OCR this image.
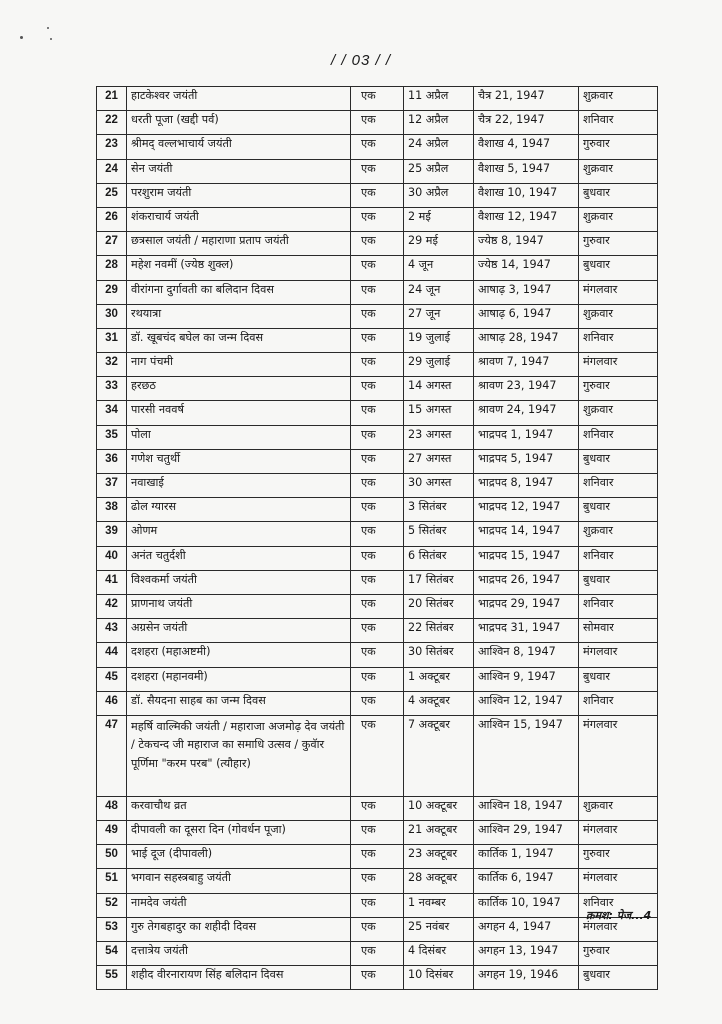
/ / 03 / /
21	हाटकेश्वर जयंती	एक	11 अप्रैल	चैत्र 21, 1947	शुक्रवार
22	धरती पूजा (खद्दी पर्व)	एक	12 अप्रैल	चैत्र 22, 1947	शनिवार
23	श्रीमद् वल्लभाचार्य जयंती	एक	24 अप्रैल	वैशाख 4, 1947	गुरुवार
24	सेन जयंती	एक	25 अप्रैल	वैशाख 5, 1947	शुक्रवार
25	परशुराम जयंती	एक	30 अप्रैल	वैशाख 10, 1947	बुधवार
26	शंकराचार्य जयंती	एक	2 मई	वैशाख 12, 1947	शुक्रवार
27	छत्रसाल जयंती / महाराणा प्रताप जयंती	एक	29 मई	ज्येष्ठ 8, 1947	गुरुवार
28	महेश नवमीं (ज्येष्ठ शुक्ल)	एक	4 जून	ज्येष्ठ 14, 1947	बुधवार
29	वीरांगना दुर्गावती का बलिदान दिवस	एक	24 जून	आषाढ़ 3, 1947	मंगलवार
30	रथयात्रा	एक	27 जून	आषाढ़ 6, 1947	शुक्रवार
31	डॉ. खूबचंद बघेल का जन्म दिवस	एक	19 जुलाई	आषाढ़ 28, 1947	शनिवार
32	नाग पंचमी	एक	29 जुलाई	श्रावण 7, 1947	मंगलवार
33	हरछठ	एक	14 अगस्त	श्रावण 23, 1947	गुरुवार
34	पारसी नववर्ष	एक	15 अगस्त	श्रावण 24, 1947	शुक्रवार
35	पोला	एक	23 अगस्त	भाद्रपद 1, 1947	शनिवार
36	गणेश चतुर्थी	एक	27 अगस्त	भाद्रपद 5, 1947	बुधवार
37	नवाखाई	एक	30 अगस्त	भाद्रपद 8, 1947	शनिवार
38	ढोल ग्यारस	एक	3 सितंबर	भाद्रपद 12, 1947	बुधवार
39	ओणम	एक	5 सितंबर	भाद्रपद 14, 1947	शुक्रवार
40	अनंत चतुर्दशी	एक	6 सितंबर	भाद्रपद 15, 1947	शनिवार
41	विश्वकर्मा जयंती	एक	17 सितंबर	भाद्रपद 26, 1947	बुधवार
42	प्राणनाथ जयंती	एक	20 सितंबर	भाद्रपद 29, 1947	शनिवार
43	अग्रसेन जयंती	एक	22 सितंबर	भाद्रपद 31, 1947	सोमवार
44	दशहरा (महाअष्टमी)	एक	30 सितंबर	आश्विन 8, 1947	मंगलवार
45	दशहरा (महानवमी)	एक	1 अक्टूबर	आश्विन 9, 1947	बुधवार
46	डॉ. सैयदना साहब का जन्म दिवस	एक	4 अक्टूबर	आश्विन 12, 1947	शनिवार
47	महर्षि वाल्मिकी जयंती / महाराजा अजमोढ़ देव जयंती / टेकचन्द जी महाराज का समाधि उत्सव / कुवॅार पूर्णिमा "करम परब" (त्यौहार)	एक	7 अक्टूबर	आश्विन 15, 1947	मंगलवार
48	करवाचौथ व्रत	एक	10 अक्टूबर	आश्विन 18, 1947	शुक्रवार
49	दीपावली का दूसरा दिन (गोवर्धन पूजा)	एक	21 अक्टूबर	आश्विन 29, 1947	मंगलवार
50	भाई दूज (दीपावली)	एक	23 अक्टूबर	कार्तिक 1, 1947	गुरुवार
51	भगवान सहस्त्रबाहु जयंती	एक	28 अक्टूबर	कार्तिक 6, 1947	मंगलवार
52	नामदेव जयंती	एक	1 नवम्बर	कार्तिक 10, 1947	शनिवार
53	गुरु तेगबहादुर का शहीदी दिवस	एक	25 नवंबर	अगहन 4, 1947	मंगलवार
54	दत्तात्रेय जयंती	एक	4 दिसंबर	अगहन 13, 1947	गुरुवार
55	शहीद वीरनारायण सिंह बलिदान दिवस	एक	10 दिसंबर	अगहन 19, 1946	बुधवार
क्रमश: पेज...4
